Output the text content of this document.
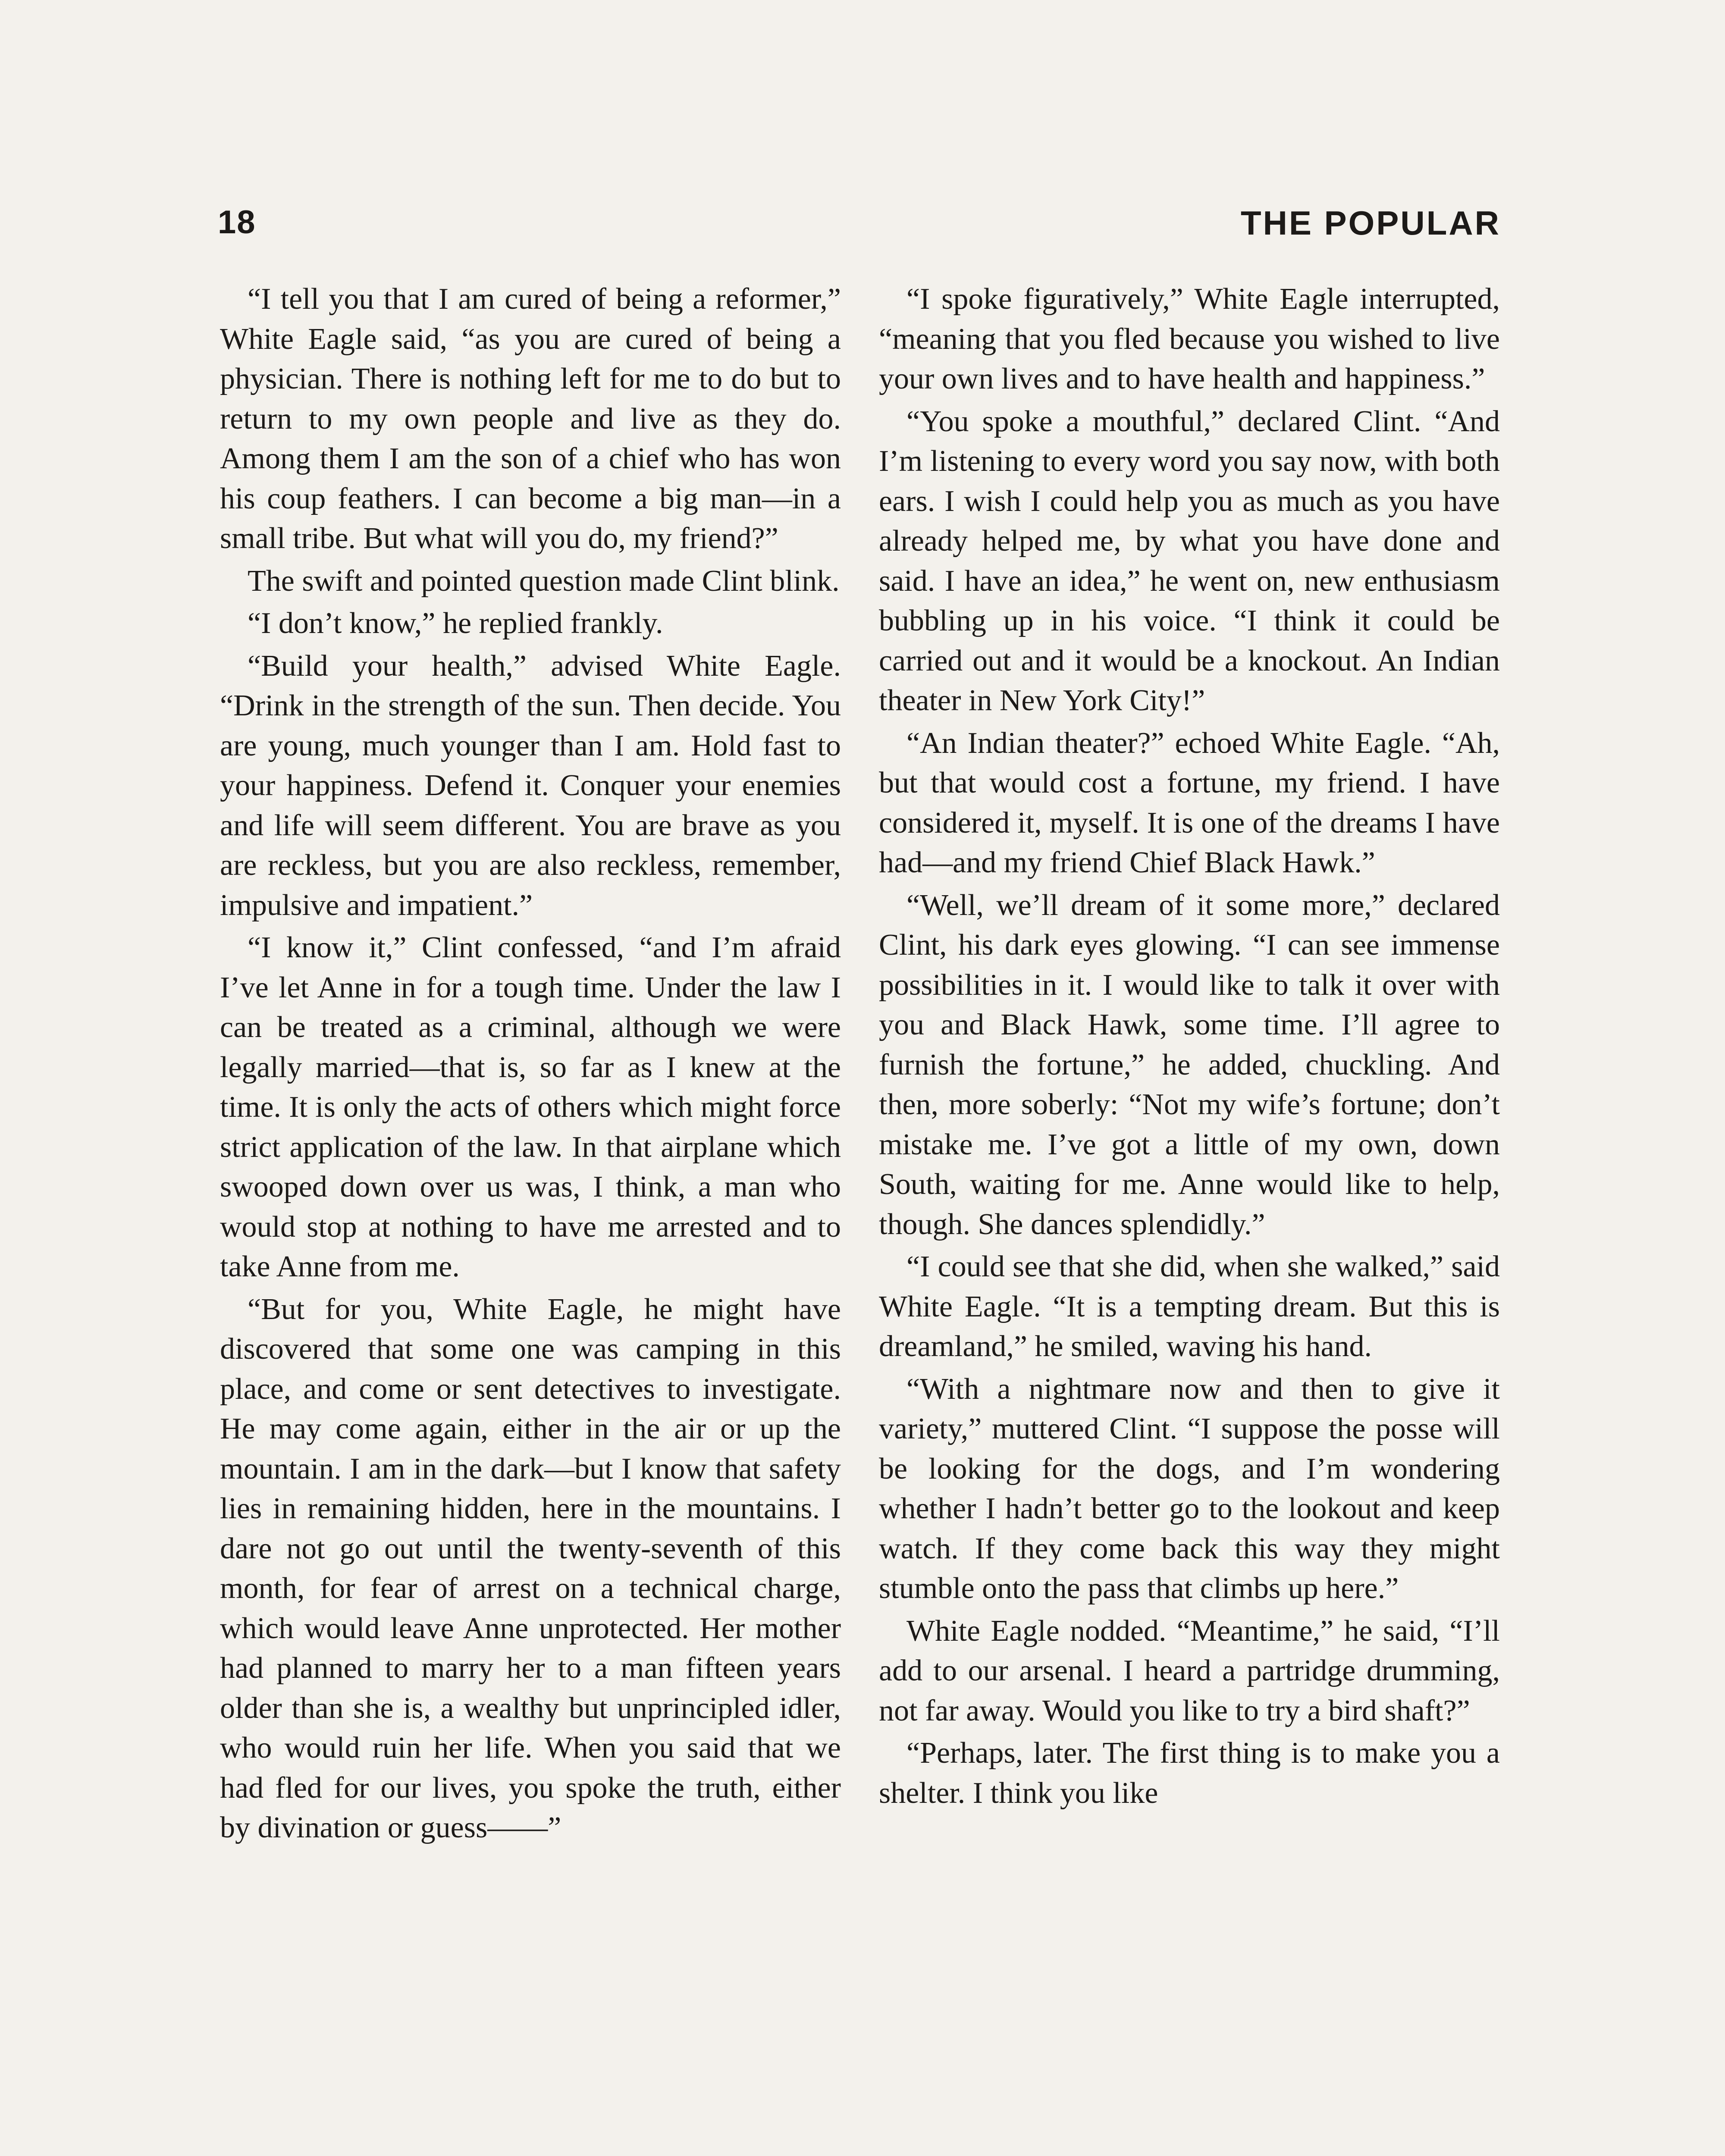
18	THE POPULAR

“I tell you that I am cured of being a reformer,” White Eagle said, “as you are cured of being a physician. There is nothing left for me to do but to return to my own people and live as they do. Among them I am the son of a chief who has won his coup feathers. I can become a big man—in a small tribe. But what will you do, my friend?”

The swift and pointed question made Clint blink.

“I don’t know,” he replied frankly.

“Build your health,” advised White Eagle. “Drink in the strength of the sun. Then decide. You are young, much younger than I am. Hold fast to your happiness. Defend it. Conquer your enemies and life will seem different. You are brave as you are reckless, but you are also reckless, remember, impulsive and impatient.”

“I know it,” Clint confessed, “and I’m afraid I’ve let Anne in for a tough time. Under the law I can be treated as a criminal, although we were legally married—that is, so far as I knew at the time. It is only the acts of others which might force strict application of the law. In that airplane which swooped down over us was, I think, a man who would stop at nothing to have me arrested and to take Anne from me.

“But for you, White Eagle, he might have discovered that some one was camping in this place, and come or sent detectives to investigate. He may come again, either in the air or up the mountain. I am in the dark—but I know that safety lies in remaining hidden, here in the mountains. I dare not go out until the twenty-seventh of this month, for fear of arrest on a technical charge, which would leave Anne unprotected. Her mother had planned to marry her to a man fifteen years older than she is, a wealthy but unprincipled idler, who would ruin her life. When you said that we had fled for our lives, you spoke the truth, either by divination or guess——”

“I spoke figuratively,” White Eagle interrupted, “meaning that you fled because you wished to live your own lives and to have health and happiness.”

“You spoke a mouthful,” declared Clint. “And I’m listening to every word you say now, with both ears. I wish I could help you as much as you have already helped me, by what you have done and said. I have an idea,” he went on, new enthusiasm bubbling up in his voice. “I think it could be carried out and it would be a knockout. An Indian theater in New York City!”

“An Indian theater?” echoed White Eagle. “Ah, but that would cost a fortune, my friend. I have considered it, myself. It is one of the dreams I have had—and my friend Chief Black Hawk.”

“Well, we’ll dream of it some more,” declared Clint, his dark eyes glowing. “I can see immense possibilities in it. I would like to talk it over with you and Black Hawk, some time. I’ll agree to furnish the fortune,” he added, chuckling. And then, more soberly: “Not my wife’s fortune; don’t mistake me. I’ve got a little of my own, down South, waiting for me. Anne would like to help, though. She dances splendidly.”

“I could see that she did, when she walked,” said White Eagle. “It is a tempting dream. But this is dreamland,” he smiled, waving his hand.

“With a nightmare now and then to give it variety,” muttered Clint. “I suppose the posse will be looking for the dogs, and I’m wondering whether I hadn’t better go to the lookout and keep watch. If they come back this way they might stumble onto the pass that climbs up here.”

White Eagle nodded. “Meantime,” he said, “I’ll add to our arsenal. I heard a partridge drumming, not far away. Would you like to try a bird shaft?”

“Perhaps, later. The first thing is to make you a shelter. I think you like
